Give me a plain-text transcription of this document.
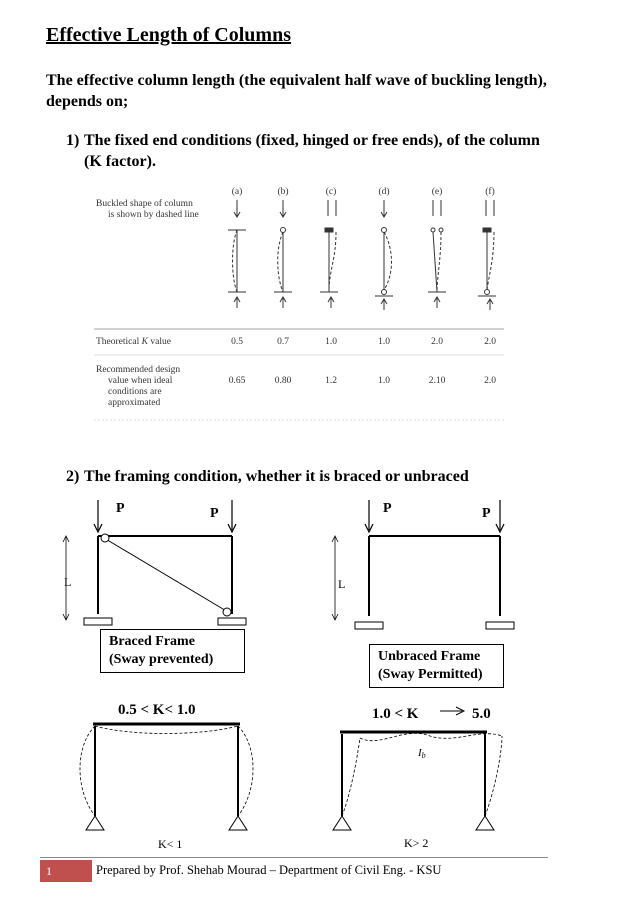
Effective Length of Columns
The effective column length (the equivalent half wave of buckling length), depends on;
1) The fixed end conditions (fixed, hinged or free ends), of the column
(K factor).
Buckled shape of column
is shown by dashed line
(a)	(b)	(c)	(d)	(e)	(f)
Theoretical K value	0.5	0.7	1.0	1.0	2.0	2.0
Recommended design
value when ideal
conditions are
approximated
0.65	0.80	1.2	1.0	2.10	2.0
2) The framing condition, whether it is braced or unbraced
P	P	P	P
L	L
0.5 < K< 1.0	1.0 < K	5.0
Ib
K< 1	K> 2
Braced Frame
(Sway prevented)	Unbraced Frame
(Sway Permitted)
1	Prepared by Prof. Shehab Mourad – Department of Civil Eng. - KSU
